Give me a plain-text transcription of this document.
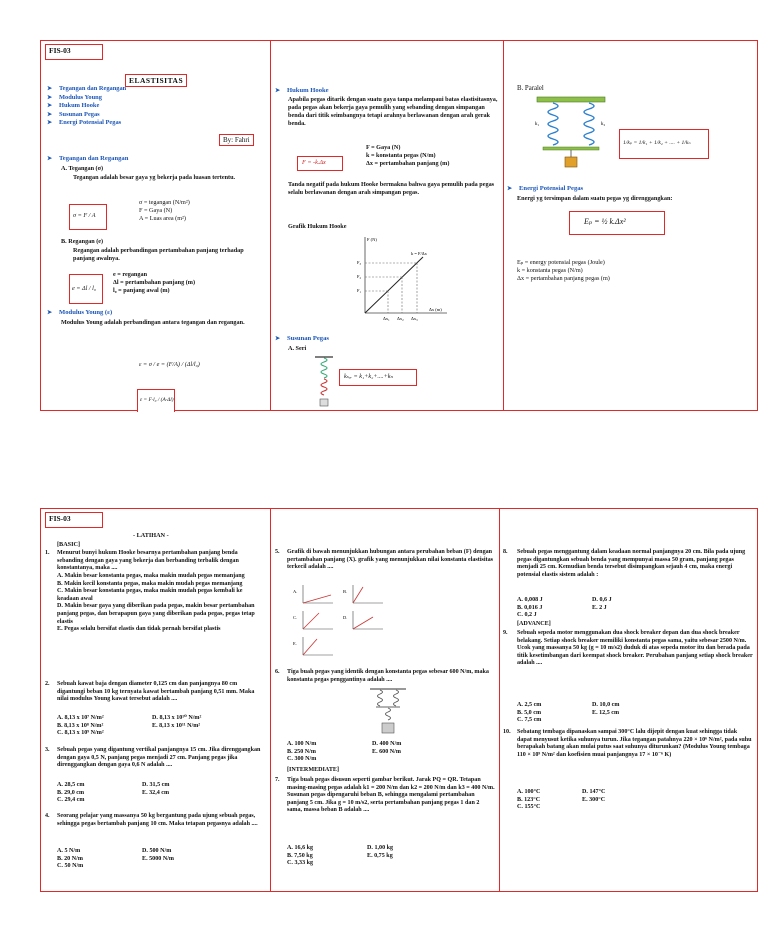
FIS-03
ELASTISITAS
➤ Tegangan dan Regangan
➤ Modulus Young
➤ Hukum Hooke
➤ Susunan Pegas
➤ Energi Potensial Pegas
By: Fahri
➤ Tegangan dan Regangan
A. Tegangan (σ)
Tegangan adalah besar gaya yg bekerja pada luasan tertentu.
σ = F / A
σ = tegangan (N/m²)
F = Gaya (N)
A = Luas area (m²)
B. Regangan (e)
Regangan adalah perbandingan pertambahan panjang terhadap panjang awalnya.
e = Δl / l₀
e = regangan
Δl = pertambahan panjang (m)
l₀ = panjang awal (m)
➤ Modulus Young (ε)
Modulus Young adalah perbandingan antara tegangan dan regangan.
ε = σ / e = (F/A) / (Δl/l₀)
ε = F·l₀ / (A·Δl)
➤ Hukum Hooke
Apabila pegas ditarik dengan suatu gaya tanpa melampaui batas elastisitasnya, pada pegas akan bekerja gaya pemulih yang sebanding dengan simpangan benda dari titik seimbangnya tetapi arahnya berlawanan dengan arah gerak benda.
F = -k.Δx
F = Gaya (N)
k = konstanta pegas (N/m)
Δx = pertambahan panjang (m)
Tanda negatif pada hukum Hooke bermakna bahwa gaya pemulih pada pegas selalu berlawanan dengan arah simpangan pegas.
Grafik Hukum Hooke
F (N)
F₃
F₂
F₁
Δx₁ Δx₂ Δx₃
Δx (m)
k = F/Δx
➤ Susunan Pegas
A. Seri
kₛₑᵣ = k₁+k₂+....+kₙ
B. Paralel
k₁	k₂
1/kₚ = 1/k₁ + 1/k₂ + .... + 1/kₙ
➤ Energi Potensial Pegas
Energi yg tersimpan dalam suatu pegas yg direnggangkan:
Eₚ = ½ k.Δx²
Eₚ = energy potensial pegas (Joule)
k = konstanta pegas (N/m)
Δx = pertambahan panjang pegas (m)
FIS-03
- LATIHAN -
[BASIC]
1. Menurut bunyi hukum Hooke besarnya pertambahan panjang benda sebanding dengan gaya yang bekerja dan berbanding terbalik dengan konstantanya, maka ....
A. Makin besar konstanta pegas, maka makin mudah pegas memanjang
B. Makin kecil konstanta pegas, maka makin mudah pegas memanjang
C. Makin besar konstanta pegas, maka makin mudah pegas kembali ke keadaan awal
D. Makin besar gaya yang diberikan pada pegas, makin besar pertambahan panjang pegas, dan berapapun gaya yang diberikan pada pegas, pegas tetap elastis
E. Pegas selalu bersifat elastis dan tidak pernah bersifat plastis
2. Sebuah kawat baja dengan diameter 0,125 cm dan panjangnya 80 cm digantungi beban 10 kg ternyata kawat bertambah panjang 0,51 mm. Maka nilai modulus Young kawat tersebut adalah ....
A. 8,13 x 10⁷ N/m²	D. 8,13 x 10¹⁰ N/m²
B. 8,13 x 10⁸ N/m²	E. 8,13 x 10¹¹ N/m²
C. 8,13 x 10⁹ N/m²
3. Sebuah pegas yang digantung vertikal panjangnya 15 cm. Jika direnggangkan dengan gaya 0,5 N, panjang pegas menjadi 27 cm. Panjang pegas jika direnggangkan dengan gaya 0,6 N adalah ....
A. 28,5 cm	D. 31,5 cm
B. 29,0 cm	E. 32,4 cm
C. 29,4 cm
4. Seorang pelajar yang massanya 50 kg bergantung pada ujung sebuah pegas, sehingga pegas bertambah panjang 10 cm. Maka tetapan pegasnya adalah ....
A. 5 N/m	D. 500 N/m
B. 20 N/m	E. 5000 N/m
C. 50 N/m
5. Grafik di bawah menunjukkan hubungan antara perubahan beban (F) dengan pertambahan panjang (X). grafik yang menunjukkan nilai konstanta elastisitas terkecil adalah ....
A.	B.
C.	D.
E.
6. Tiga buah pegas yang identik dengan konstanta pegas sebesar 600 N/m, maka konstanta pegas penggantinya adalah ....
A. 100 N/m	D. 400 N/m
B. 250 N/m	E. 600 N/m
C. 300 N/m
[INTERMEDIATE]
7. Tiga buah pegas disusun seperti gambar berikut. Jarak PQ = QR. Tetapan masing-masing pegas adalah k1 = 200 N/m dan k2 = 200 N/m dan k3 = 400 N/m. Susunan pegas dipengaruhi beban B, sehingga mengalami pertambahan panjang 5 cm. Jika g = 10 m/s2, serta pertambahan panjang pegas 1 dan 2 sama, massa beban B adalah ....
A. 16,6 kg	D. 1,00 kg
B. 7,50 kg	E. 0,75 kg
C. 3,33 kg
8. Sebuah pegas menggantung dalam keadaan normal panjangnya 20 cm. Bila pada ujung pegas digantungkan sebuah benda yang mempunyai massa 50 gram, panjang pegas menjadi 25 cm. Kemudian benda tersebut disimpangkan sejauh 4 cm, maka energi potensial elastis sistem adalah :
A. 0,008 J	D. 0,6 J
B. 0,016 J	E. 2 J
C. 0,2 J
[ADVANCE]
9. Sebuah sepeda motor menggunakan dua shock breaker depan dan dua shock breaker belakang. Setiap shock breaker memiliki konstanta pegas sama, yaitu sebesar 2500 N/m. Ucok yang massanya 50 kg (g = 10 m/s2) duduk di atas sepeda motor itu dan berada pada titik kesetimbangan dari keempat shock breaker. Perubahan panjang setiap shock breaker adalah ....
A. 2,5 cm	D. 10,0 cm
B. 5,0 cm	E. 12,5 cm
C. 7,5 cm
10. Sebatang tembaga dipanaskan sampai 300°C lalu dijepit dengan kuat sehingga tidak dapat menyusut ketika suhunya turun. Jika tegangan patahnya 220 × 10⁶ N/m², pada suhu berapakah batang akan mulai putus saat suhunya diturunkan? (Modulus Young tembaga 110 × 10⁹ N/m² dan koefisien muai panjangnya 17 × 10⁻⁶ K)
A. 100°C	D. 147°C
B. 123°C	E. 300°C
C. 155°C
